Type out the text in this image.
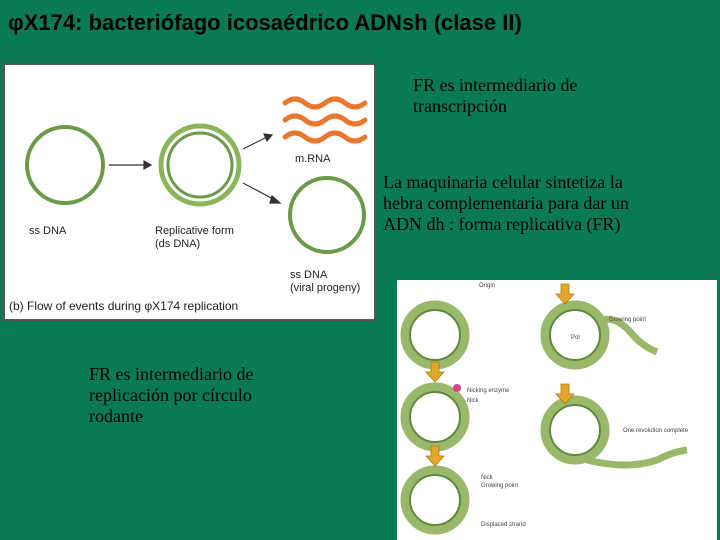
φX174: bacteriófago icosaédrico ADNsh (clase II)
m.RNA
ss DNA	Replicative form
(ds DNA)
ss DNA
(viral progeny)
(b) Flow of events during φX174 replication
FR es intermediario de
transcripción
La maquinaria celular sintetiza la
hebra complementaria para dar un
ADN dh : forma replicativa (FR)
FR es intermediario de
replicación por círculo
rodante
Origin
Growing point
Pol
Nicking enzyme
Nick
One revolution complete
Nick
Growing point
Displaced strand
